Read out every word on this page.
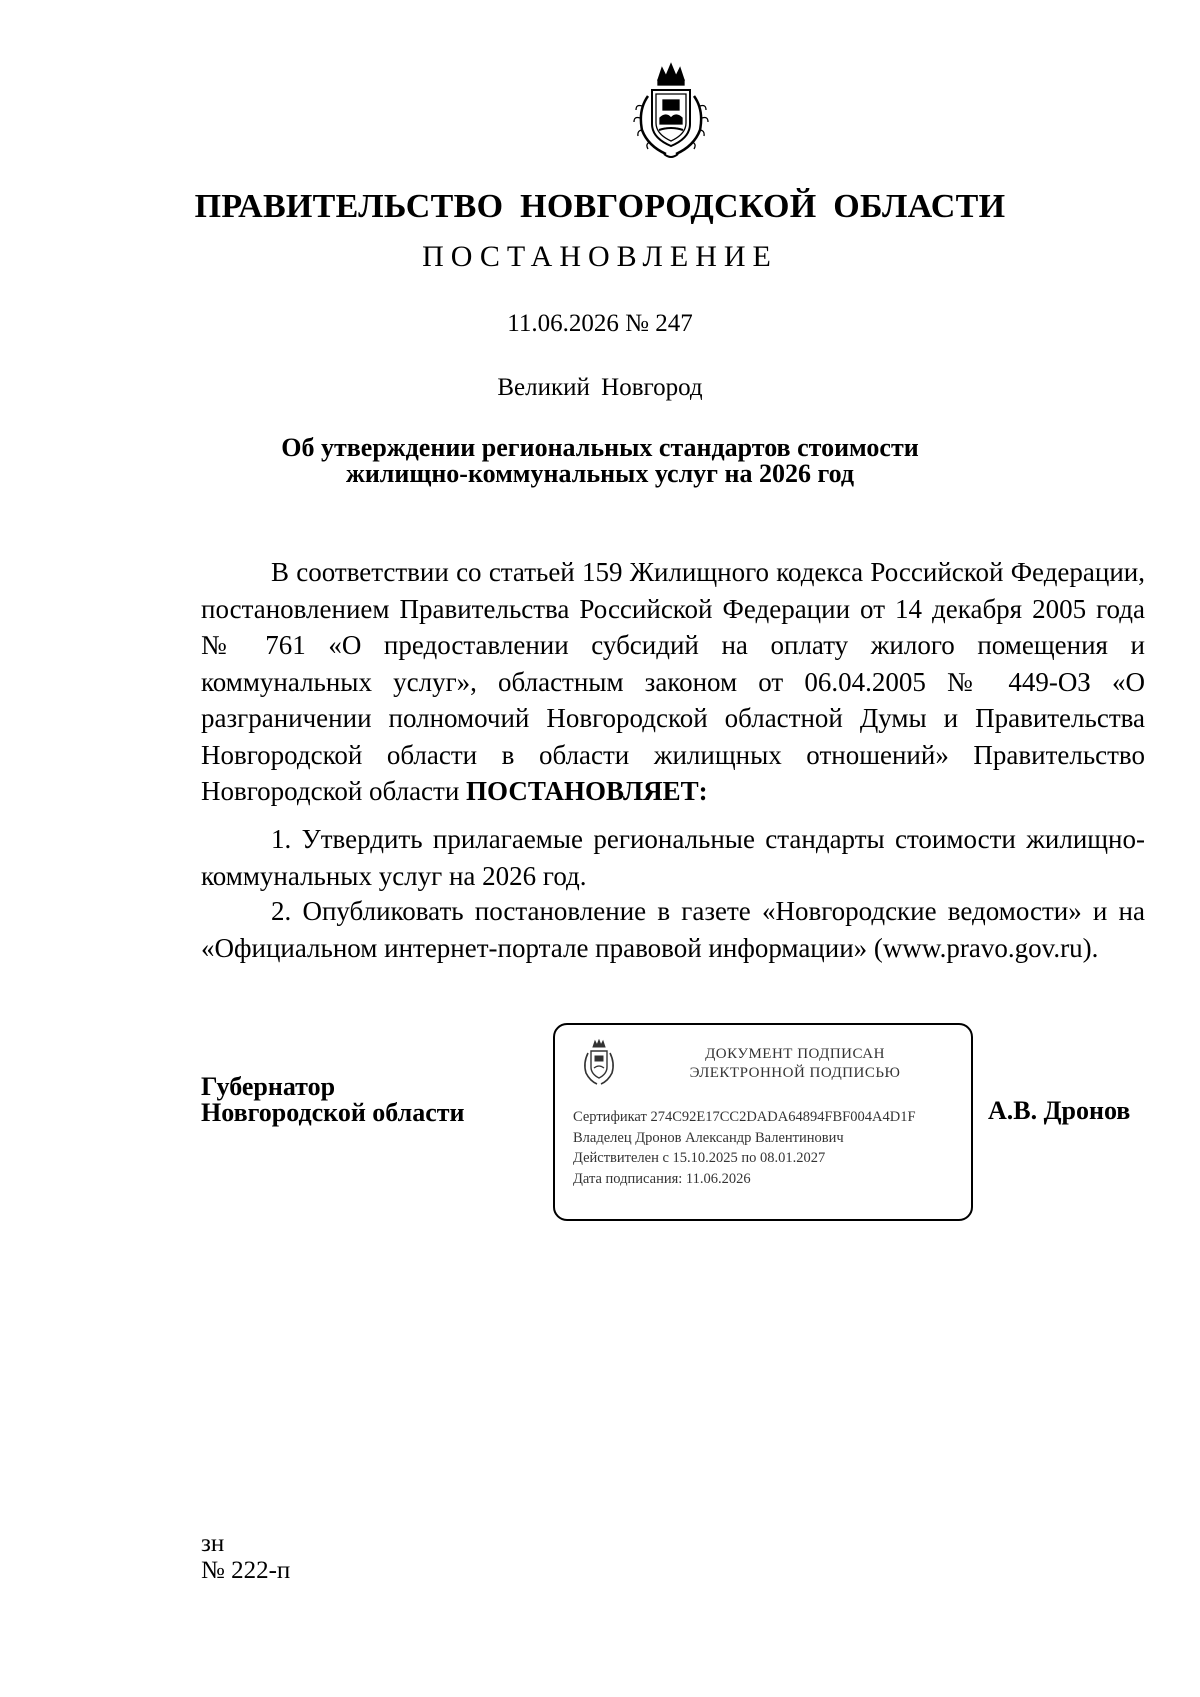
ПРАВИТЕЛЬСТВО НОВГОРОДСКОЙ ОБЛАСТИ
ПОСТАНОВЛЕНИЕ
11.06.2026 № 247
Великий Новгород
Об утверждении региональных стандартов стоимости
жилищно-коммунальных услуг на 2026 год

В соответствии со статьей 159 Жилищного кодекса Российской Федерации, постановлением Правительства Российской Федерации от 14 декабря 2005 года № 761 «О предоставлении субсидий на оплату жилого помещения и коммунальных услуг», областным законом от 06.04.2005 № 449-ОЗ «О разграничении полномочий Новгородской областной Думы и Правительства Новгородской области в области жилищных отношений» Правительство Новгородской области ПОСТАНОВЛЯЕТ:

1. Утвердить прилагаемые региональные стандарты стоимости жилищно-коммунальных услуг на 2026 год.

2. Опубликовать постановление в газете «Новгородские ведомости» и на «Официальном интернет-портале правовой информации» (www.pravo.gov.ru).

Губернатор
Новгородской области
ДОКУМЕНТ ПОДПИСАН
ЭЛЕКТРОННОЙ ПОДПИСЬЮ
Сертификат 274C92E17CC2DADA64894FBF004A4D1F
Владелец Дронов Александр Валентинович
Действителен с 15.10.2025 по 08.01.2027
Дата подписания: 11.06.2026
А.В. Дронов
зн
№ 222-п
